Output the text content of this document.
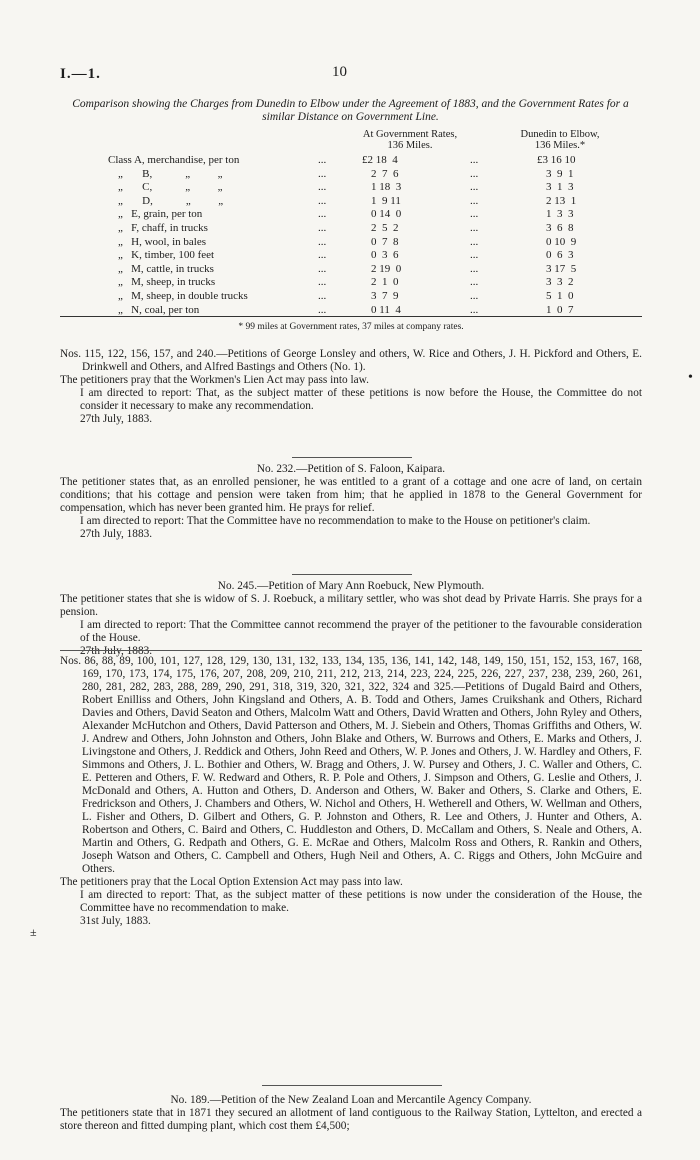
I.—1.	10
Comparison showing the Charges from Dunedin to Elbow under the Agreement of 1883, and the Government Rates for a similar Distance on Government Line.
At Government Rates,
136 Miles.
Dunedin to Elbow,
136 Miles.*
Class A, merchandise, per ton	...	£2 18  4	...	£3 16 10
„       B,            „          „	...	2  7  6	...	3  9  1
„       C,            „          „	...	1 18  3	...	3  1  3
„       D,            „          „	...	1  9 11	...	2 13  1
„   E, grain, per ton	...	0 14  0	...	1  3  3
„   F, chaff, in trucks	...	2  5  2	...	3  6  8
„   H, wool, in bales	...	0  7  8	...	0 10  9
„   K, timber, 100 feet	...	0  3  6	...	0  6  3
„   M, cattle, in trucks	...	2 19  0	...	3 17  5
„   M, sheep, in trucks	...	2  1  0	...	3  3  2
„   M, sheep, in double trucks	...	3  7  9	...	5  1  0
„   N, coal, per ton	...	0 11  4	...	1  0  7
* 99 miles at Government rates, 37 miles at company rates.

Nos. 115, 122, 156, 157, and 240.—Petitions of George Lonsley and others, W. Rice and Others, J. H. Pickford and Others, E. Drinkwell and Others, and Alfred Bastings and Others (No. 1).

The petitioners pray that the Workmen's Lien Act may pass into law.

I am directed to report: That, as the subject matter of these petitions is now before the House, the Committee do not consider it necessary to make any recommendation.

27th July, 1883.

No. 232.—Petition of S. Faloon, Kaipara.

The petitioner states that, as an enrolled pensioner, he was entitled to a grant of a cottage and one acre of land, on certain conditions; that his cottage and pension were taken from him; that he applied in 1878 to the General Government for compensation, which has never been granted him. He prays for relief.

I am directed to report: That the Committee have no recommendation to make to the House on petitioner's claim.

27th July, 1883.

No. 245.—Petition of Mary Ann Roebuck, New Plymouth.

The petitioner states that she is widow of S. J. Roebuck, a military settler, who was shot dead by Private Harris. She prays for a pension.

I am directed to report: That the Committee cannot recommend the prayer of the petitioner to the favourable consideration of the House.

27th July, 1883.

Nos. 86, 88, 89, 100, 101, 127, 128, 129, 130, 131, 132, 133, 134, 135, 136, 141, 142, 148, 149, 150, 151, 152, 153, 167, 168, 169, 170, 173, 174, 175, 176, 207, 208, 209, 210, 211, 212, 213, 214, 223, 224, 225, 226, 227, 237, 238, 239, 260, 261, 280, 281, 282, 283, 288, 289, 290, 291, 318, 319, 320, 321, 322, 324 and 325.—Petitions of Dugald Baird and Others, Robert Enilliss and Others, John Kingsland and Others, A. B. Todd and Others, James Cruikshank and Others, Richard Davies and Others, David Seaton and Others, Malcolm Watt and Others, David Wratten and Others, John Ryley and Others, Alexander McHutchon and Others, David Patterson and Others, M. J. Siebein and Others, Thomas Griffiths and Others, W. J. Andrew and Others, John Johnston and Others, John Blake and Others, W. Burrows and Others, E. Marks and Others, J. Livingstone and Others, J. Reddick and Others, John Reed and Others, W. P. Jones and Others, J. W. Hardley and Others, F. Simmons and Others, J. L. Bothier and Others, W. Bragg and Others, J. W. Pursey and Others, J. C. Waller and Others, C. E. Petteren and Others, F. W. Redward and Others, R. P. Pole and Others, J. Simpson and Others, G. Leslie and Others, J. McDonald and Others, A. Hutton and Others, D. Anderson and Others, W. Baker and Others, S. Clarke and Others, E. Fredrickson and Others, J. Chambers and Others, W. Nichol and Others, H. Wetherell and Others, W. Wellman and Others, L. Fisher and Others, D. Gilbert and Others, G. P. Johnston and Others, R. Lee and Others, J. Hunter and Others, A. Robertson and Others, C. Baird and Others, C. Huddleston and Others, D. McCallam and Others, S. Neale and Others, A. Martin and Others, G. Redpath and Others, G. E. McRae and Others, Malcolm Ross and Others, R. Rankin and Others, Joseph Watson and Others, C. Campbell and Others, Hugh Neil and Others, A. C. Riggs and Others, John McGuire and Others.

The petitioners pray that the Local Option Extension Act may pass into law.

I am directed to report: That, as the subject matter of these petitions is now under the consideration of the House, the Committee have no recommendation to make.

31st July, 1883.

No. 189.—Petition of the New Zealand Loan and Mercantile Agency Company.

The petitioners state that in 1871 they secured an allotment of land contiguous to the Railway Station, Lyttelton, and erected a store thereon and fitted dumping plant, which cost them £4,500;

•
±
